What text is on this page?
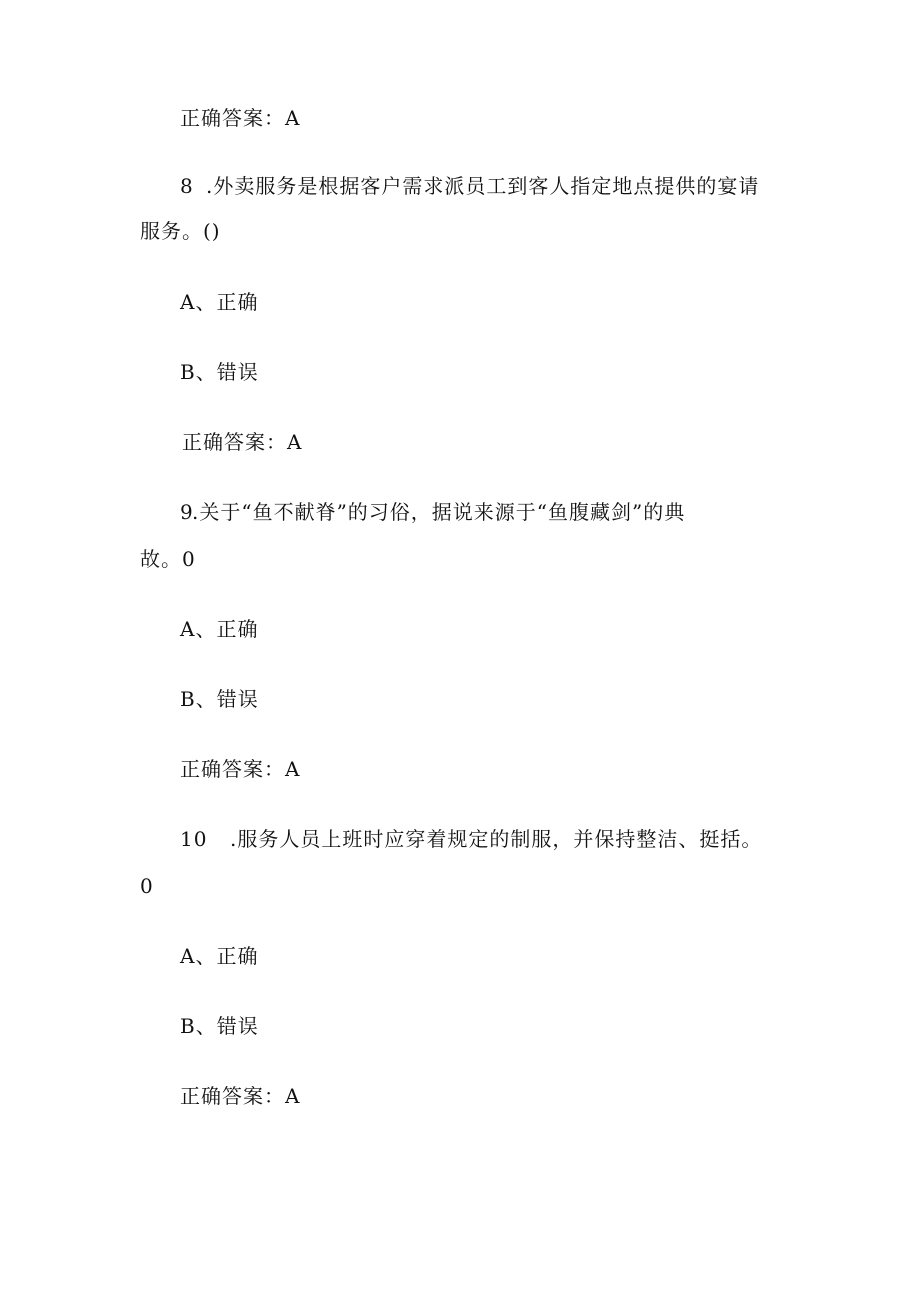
正确答案：A
8 .外卖服务是根据客户需求派员工到客人指定地点提供的宴请
服务。()
A、正确
B、错误
正确答案：A
9.关于“鱼不献脊”的习俗，据说来源于“鱼腹藏剑”的典
故。0
A、正确
B、错误
正确答案：A
10 .服务人员上班时应穿着规定的制服，并保持整洁、挺括。
0
A、正确
B、错误
正确答案：A
